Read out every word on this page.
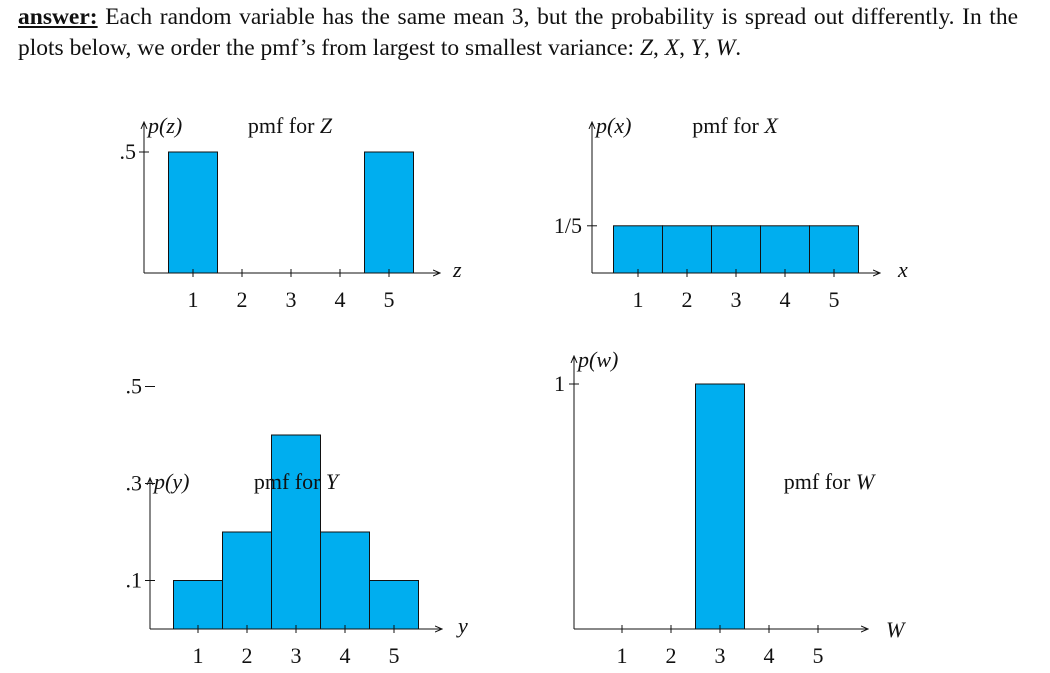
answer: Each random variable has the same mean 3, but the probability is spread out differently. In the plots below, we order the pmf’s from largest to smallest variance: Z, X, Y, W.

1 2 3 4 5
.5
p(z)
z
pmf for Z
1 2 3 4 5
1/5
p(x)
x
pmf for X
1 2 3 4 5
.1
.3
.5
p(y)
y
pmf for Y
1 2 3 4 5
1
p(w)
W
pmf for W
